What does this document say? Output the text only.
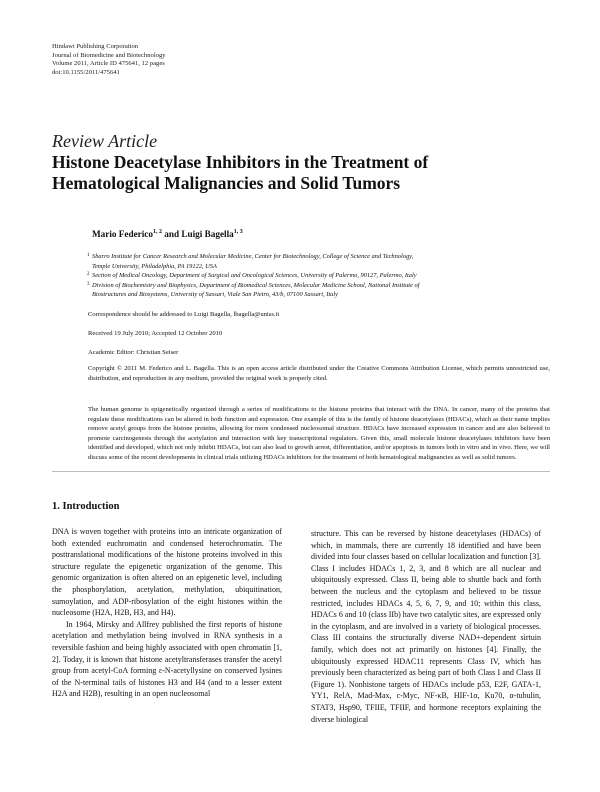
Hindawi Publishing Corporation
Journal of Biomedicine and Biotechnology
Volume 2011, Article ID 475641, 12 pages
doi:10.1155/2011/475641
Review Article
Histone Deacetylase Inhibitors in the Treatment of
Hematological Malignancies and Solid Tumors
Mario Federico$^{1, 2}$ and Luigi Bagella$^{1, 3}$
1 Sbarro Institute for Cancer Research and Molecular Medicine, Center for Biotechnology, College of Science and Technology,
Temple University, Philadelphia, PA 19122, USA
2 Section of Medical Oncology, Department of Surgical and Oncological Sciences, University of Palermo, 90127, Palermo, Italy
3 Division of Biochemistry and Biophysics, Department of Biomedical Sciences, Molecular Medicine School, National Institute of
Biostructures and Biosystems, University of Sassari, Viale San Pietro, 43/b, 07100 Sassari, Italy
Correspondence should be addressed to Luigi Bagella, lbagella@uniss.it
Received 19 July 2010; Accepted 12 October 2010
Academic Editor: Christian Seiser
Copyright © 2011 M. Federico and L. Bagella. This is an open access article distributed under the Creative Commons Attribution License, which permits unrestricted use, distribution, and reproduction in any medium, provided the original work is properly cited.
The human genome is epigenetically organized through a series of modifications to the histone proteins that interact with the DNA. In cancer, many of the proteins that regulate these modifications can be altered in both function and expression. One example of this is the family of histone deacetylases (HDACs), which as their name implies remove acetyl groups from the histone proteins, allowing for more condensed nucleosomal structure. HDACs have increased expression in cancer and are also believed to promote carcinogenesis through the acetylation and interaction with key transcriptional regulators. Given this, small molecule histone deacetylases inhibitors have been identified and developed, which not only inhibit HDACs, but can also lead to growth arrest, differentiation, and/or apoptosis in tumors both in vitro and in vivo. Here, we will discuss some of the recent developments in clinical trials utilizing HDACs inhibitors for the treatment of both hematological malignancies as well as solid tumors.
1. Introduction

DNA is woven together with proteins into an intricate organization of both extended euchromatin and condensed heterochromatin. The posttranslational modifications of the histone proteins involved in this structure regulate the epigenetic organization of the genome. This genomic organization is often altered on an epigenetic level, including the phosphorylation, acetylation, methylation, ubiquitination, sumoylation, and ADP-ribosylation of the eight histones within the nucleosome (H2A, H2B, H3, and H4).

In 1964, Mirsky and Allfrey published the first reports of histone acetylation and methylation being involved in RNA synthesis in a reversible fashion and being highly associated with open chromatin [1, 2]. Today, it is known that histone acetyltransferases transfer the acetyl group from acetyl-CoA forming ε-N-acetyllysine on conserved lysines of the N-terminal tails of histones H3 and H4 (and to a lesser extent H2A and H2B), resulting in an open nucleosomal

structure. This can be reversed by histone deacetylases (HDACs) of which, in mammals, there are currently 18 identified and have been divided into four classes based on cellular localization and function [3]. Class I includes HDACs 1, 2, 3, and 8 which are all nuclear and ubiquitously expressed. Class II, being able to shuttle back and forth between the nucleus and the cytoplasm and believed to be tissue restricted, includes HDACs 4, 5, 6, 7, 9, and 10; within this class, HDACs 6 and 10 (class IIb) have two catalytic sites, are expressed only in the cytoplasm, and are involved in a variety of biological processes. Class III contains the structurally diverse NAD+-dependent sirtuin family, which does not act primarily on histones [4]. Finally, the ubiquitously expressed HDAC11 represents Class IV, which has previously been characterized as being part of both Class I and Class II (Figure 1). Nonhistone targets of HDACs include p53, E2F, GATA-1, YY1, RelA, Mad-Max, c-Myc, NF-κB, HIF-1α, Ku70, α-tubulin, STAT3, Hsp90, TFIIE, TFIIF, and hormone receptors explaining the diverse biological
